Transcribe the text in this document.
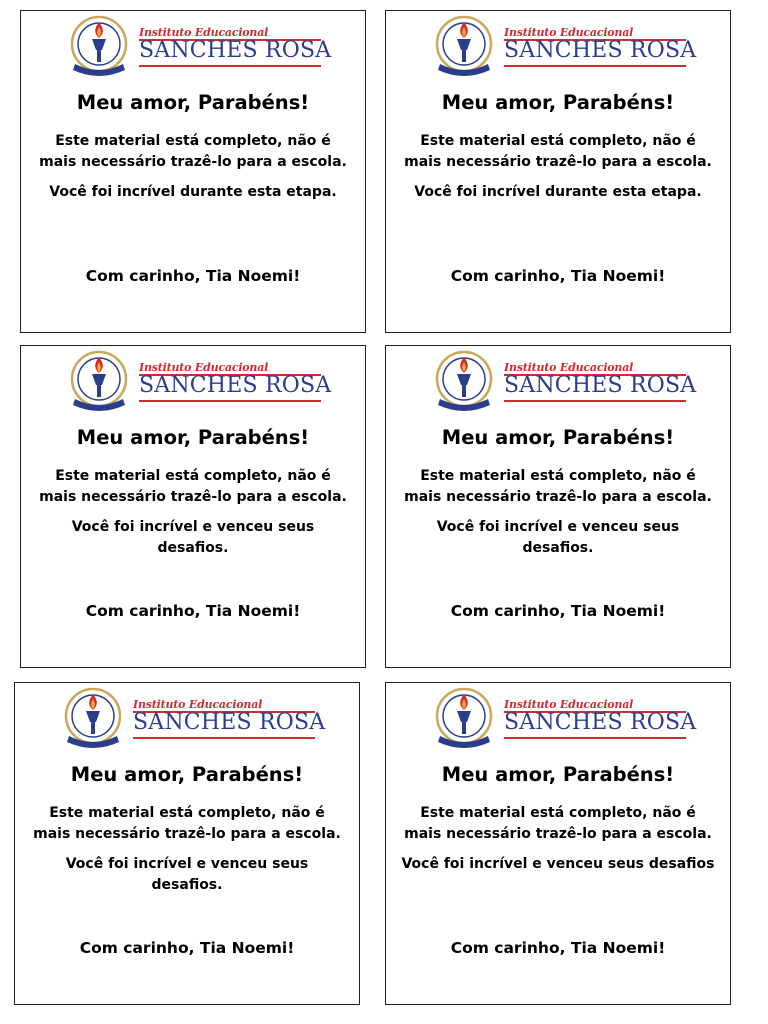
Instituto Educacional
SANCHES ROSA
Meu amor, Parabéns!

Este material está completo, não é mais necessário trazê-lo para a escola.

Você foi incrível durante esta etapa.

Com carinho, Tia Noemi!
Instituto Educacional
SANCHES ROSA
Meu amor, Parabéns!

Este material está completo, não é mais necessário trazê-lo para a escola.

Você foi incrível durante esta etapa.

Com carinho, Tia Noemi!
Instituto Educacional
SANCHES ROSA
Meu amor, Parabéns!

Este material está completo, não é mais necessário trazê-lo para a escola.

Você foi incrível e venceu seus desafios.

Com carinho, Tia Noemi!
Instituto Educacional
SANCHES ROSA
Meu amor, Parabéns!

Este material está completo, não é mais necessário trazê-lo para a escola.

Você foi incrível e venceu seus desafios.

Com carinho, Tia Noemi!
Instituto Educacional
SANCHES ROSA
Meu amor, Parabéns!

Este material está completo, não é mais necessário trazê-lo para a escola.

Você foi incrível e venceu seus desafios.

Com carinho, Tia Noemi!
Instituto Educacional
SANCHES ROSA
Meu amor, Parabéns!

Este material está completo, não é mais necessário trazê-lo para a escola.

Você foi incrível e venceu seus desafios

Com carinho, Tia Noemi!
